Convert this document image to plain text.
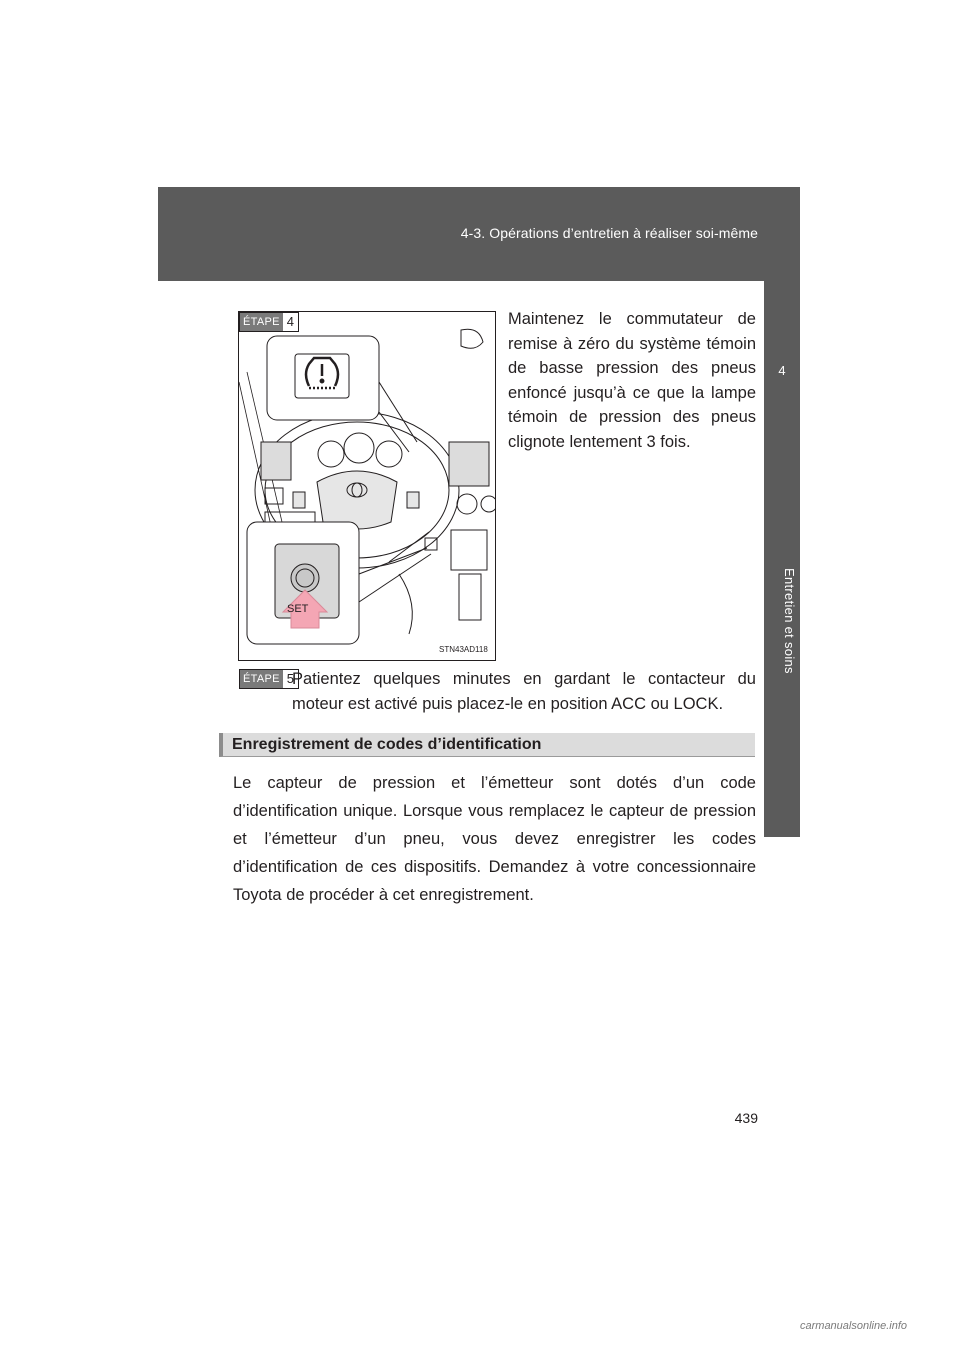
4-3. Opérations d’entretien à réaliser soi-même
4
Entretien et soins
SET
STN43AD118
ÉTAPE 4	Maintenez le commutateur de remise à zéro du système témoin de basse pression des pneus enfoncé jusqu’à ce que la lampe témoin de pression des pneus clignote lentement 3 fois.
ÉTAPE 5
Patientez quelques minutes en gardant le contacteur du moteur est activé puis placez-le en position ACC ou LOCK.
Enregistrement de codes d’identification
Le capteur de pression et l’émetteur sont dotés d’un code d’identification unique. Lorsque vous remplacez le capteur de pression et l’émetteur d’un pneu, vous devez enregistrer les codes d’identification de ces dispositifs. Demandez à votre concessionnaire Toyota de procéder à cet enregistrement.
439
carmanualsonline.info
